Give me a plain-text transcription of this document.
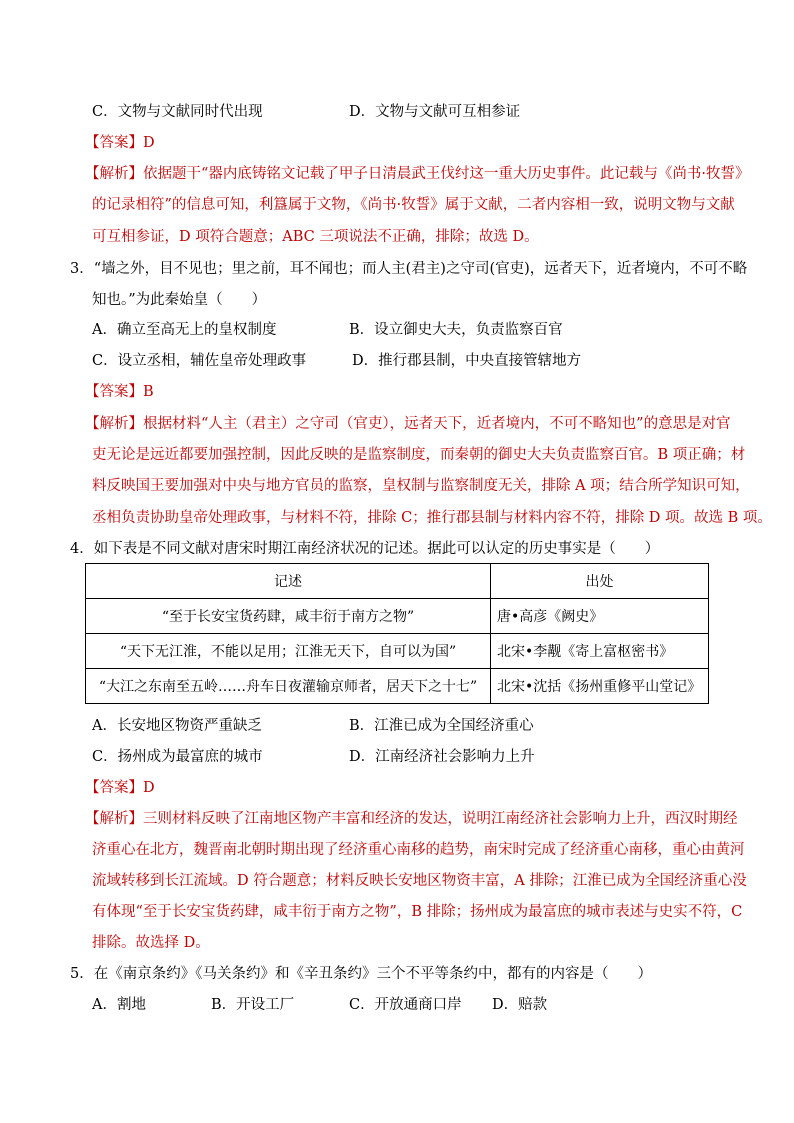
C．文物与文献同时代出现	D．文物与文献可互相参证
【答案】D
【解析】依据题干“器内底铸铭文记载了甲子日清晨武王伐纣这一重大历史事件。此记载与《尚书·牧誓》
的记录相符”的信息可知，利簋属于文物，《尚书·牧誓》属于文献，二者内容相一致，说明文物与文献
可互相参证，D 项符合题意；ABC 三项说法不正确，排除；故选 D。
3．“墙之外，目不见也；里之前，耳不闻也；而人主(君主)之守司(官吏)，远者天下，近者境内，不可不略
知也。”为此秦始皇（　　）
A．确立至高无上的皇权制度	B．设立御史大夫，负责监察百官
C．设立丞相，辅佐皇帝处理政事	D．推行郡县制，中央直接管辖地方
【答案】B
【解析】根据材料“人主（君主）之守司（官吏），远者天下，近者境内，不可不略知也”的意思是对官
吏无论是远近都要加强控制，因此反映的是监察制度，而秦朝的御史大夫负责监察百官。B 项正确；材
料反映国王要加强对中央与地方官员的监察，皇权制与监察制度无关，排除 A 项；结合所学知识可知，
丞相负责协助皇帝处理政事，与材料不符，排除 C；推行郡县制与材料内容不符，排除 D 项。故选 B 项。
4．如下表是不同文献对唐宋时期江南经济状况的记述。据此可以认定的历史事实是（　　）
记述	出处
“至于长安宝货药肆，咸丰衍于南方之物”	唐•高彦《阙史》
“天下无江淮，不能以足用；江淮无天下，自可以为国”	北宋•李觏《寄上富枢密书》
“大江之东南至五岭……舟车日夜灌输京师者，居天下之十七”	北宋•沈括《扬州重修平山堂记》
A．长安地区物资严重缺乏	B．江淮已成为全国经济重心
C．扬州成为最富庶的城市	D．江南经济社会影响力上升
【答案】D
【解析】三则材料反映了江南地区物产丰富和经济的发达，说明江南经济社会影响力上升，西汉时期经
济重心在北方，魏晋南北朝时期出现了经济重心南移的趋势，南宋时完成了经济重心南移，重心由黄河
流域转移到长江流域。D 符合题意；材料反映长安地区物资丰富，A 排除；江淮已成为全国经济重心没
有体现“至于长安宝货药肆，咸丰衍于南方之物”，B 排除；扬州成为最富庶的城市表述与史实不符，C
排除。故选择 D。
5．在《南京条约》《马关条约》和《辛丑条约》三个不平等条约中，都有的内容是（　　）
A．割地	B．开设工厂	C．开放通商口岸 D．赔款
